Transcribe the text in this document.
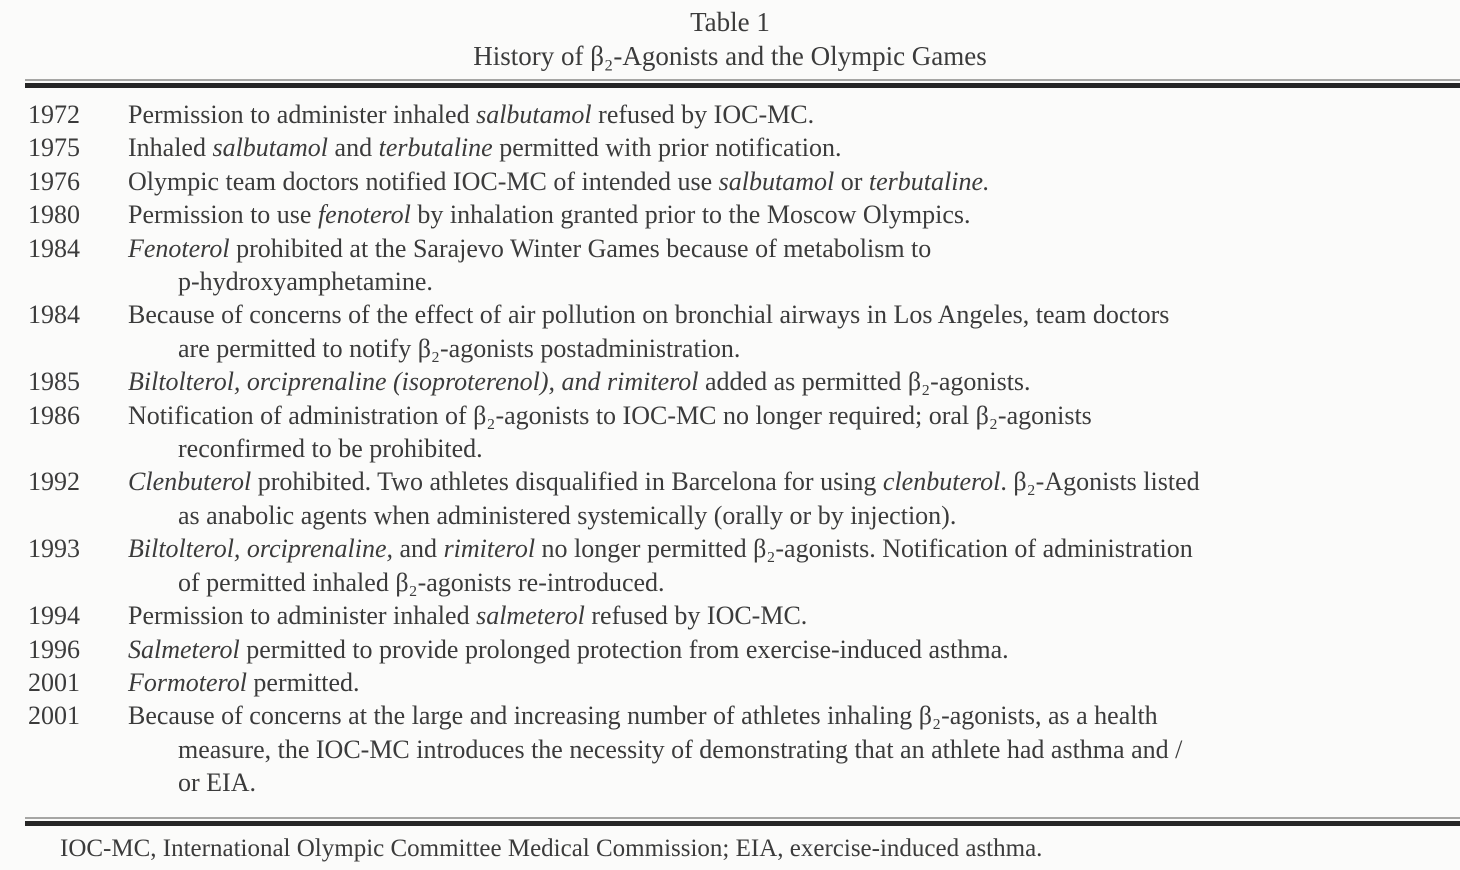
Table 1
History of β₂-Agonists and the Olympic Games
1972	Permission to administer inhaled salbutamol refused by IOC-MC.
1975	Inhaled salbutamol and terbutaline permitted with prior notification.
1976	Olympic team doctors notified IOC-MC of intended use salbutamol or terbutaline.
1980	Permission to use fenoterol by inhalation granted prior to the Moscow Olympics.
1984	Fenoterol prohibited at the Sarajevo Winter Games because of metabolism to
p-hydroxyamphetamine.
1984	Because of concerns of the effect of air pollution on bronchial airways in Los Angeles, team doctors
are permitted to notify β₂-agonists postadministration.
1985	Biltolterol, orciprenaline (isoproterenol), and rimiterol added as permitted β₂-agonists.
1986	Notification of administration of β₂-agonists to IOC-MC no longer required; oral β₂-agonists
reconfirmed to be prohibited.
1992	Clenbuterol prohibited. Two athletes disqualified in Barcelona for using clenbuterol. β₂-Agonists listed
as anabolic agents when administered systemically (orally or by injection).
1993	Biltolterol, orciprenaline, and rimiterol no longer permitted β₂-agonists. Notification of administration
of permitted inhaled β₂-agonists re-introduced.
1994	Permission to administer inhaled salmeterol refused by IOC-MC.
1996	Salmeterol permitted to provide prolonged protection from exercise-induced asthma.
2001	Formoterol permitted.
2001	Because of concerns at the large and increasing number of athletes inhaling β₂-agonists, as a health
measure, the IOC-MC introduces the necessity of demonstrating that an athlete had asthma and /
or EIA.
IOC-MC, International Olympic Committee Medical Commission; EIA, exercise-induced asthma.
